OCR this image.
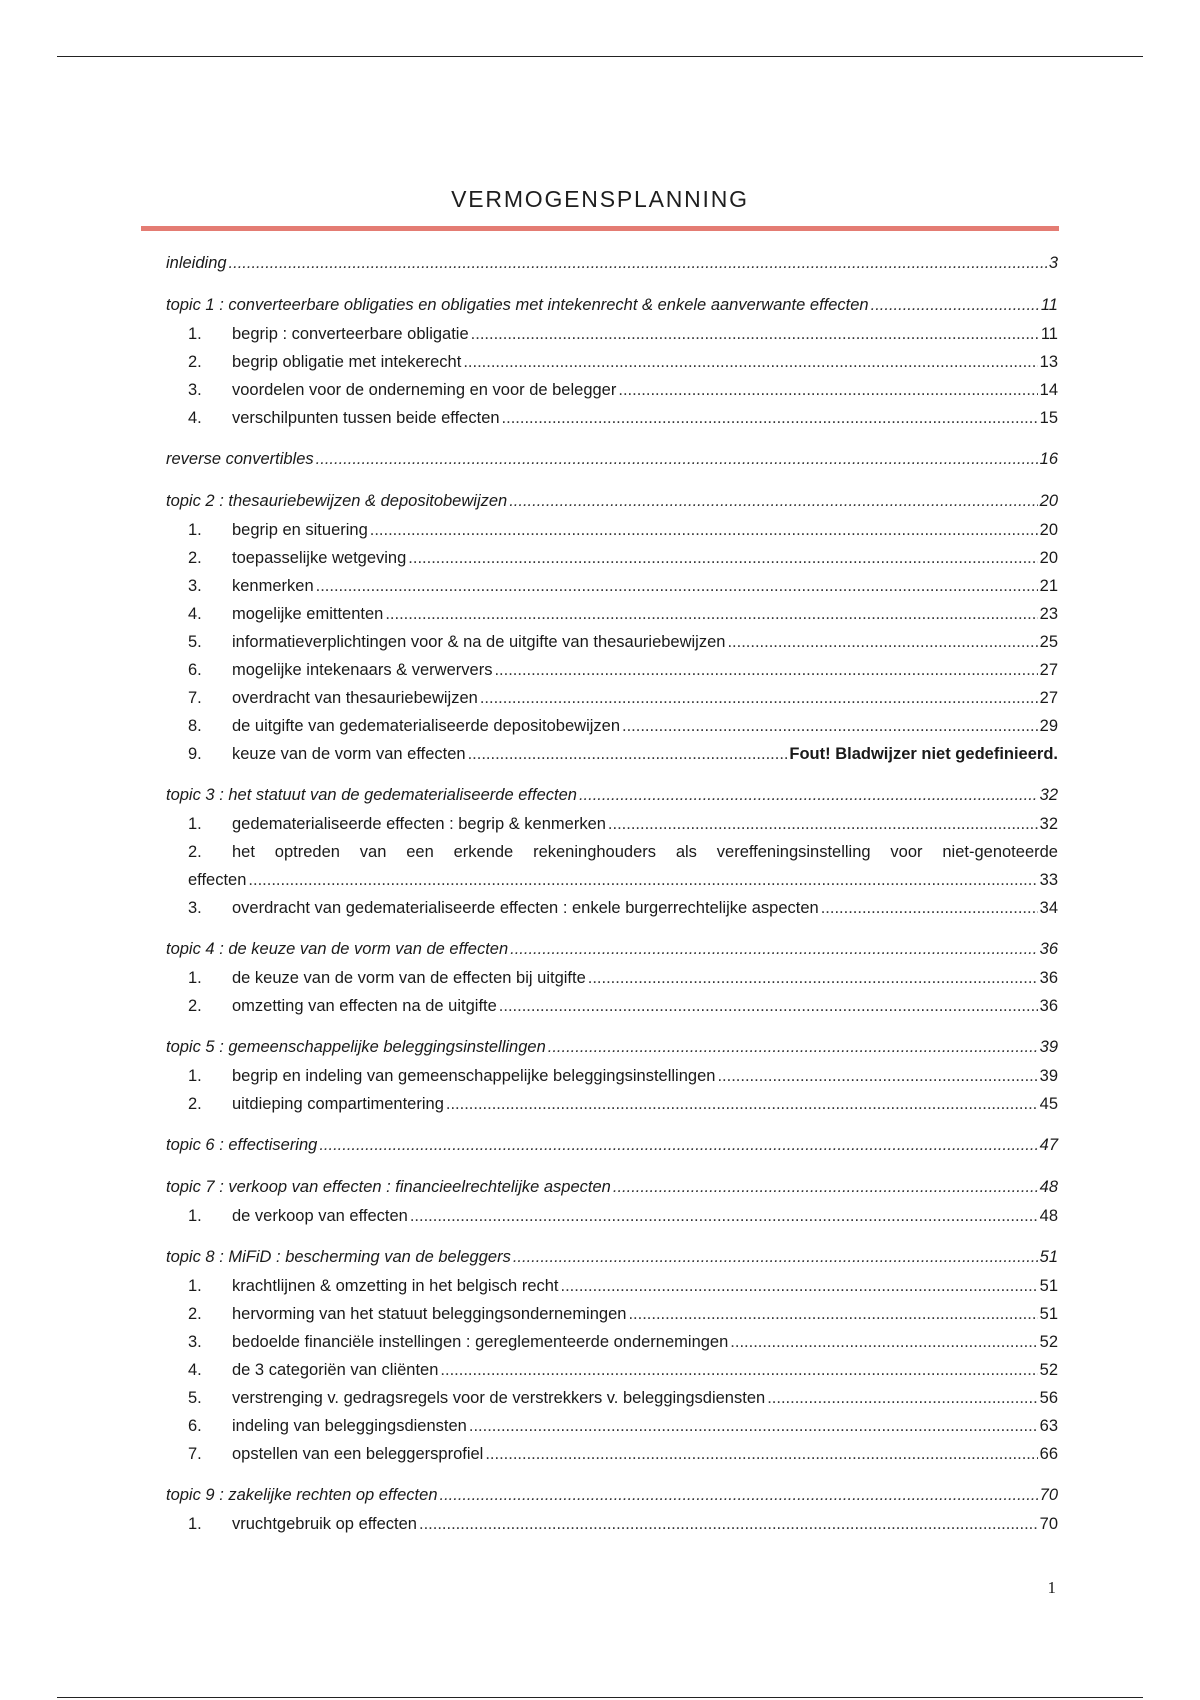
VERMOGENSPLANNING
inleiding .....	3
topic 1 : converteerbare obligaties en obligaties met intekenrecht & enkele aanverwante effecten .....	11
1.	begrip : converteerbare obligatie .....	11
2.	begrip obligatie met intekerecht .....	13
3.	voordelen voor de onderneming en voor de belegger .....	14
4.	verschilpunten tussen beide effecten .....	15
reverse convertibles .....	16
topic 2 : thesauriebewijzen & depositobewijzen .....	20
1.	begrip en situering .....	20
2.	toepasselijke wetgeving .....	20
3.	kenmerken .....	21
4.	mogelijke emittenten .....	23
5.	informatieverplichtingen voor & na de uitgifte van thesauriebewijzen .....	25
6.	mogelijke intekenaars & verwervers .....	27
7.	overdracht van thesauriebewijzen .....	27
8.	de uitgifte van gedematerialiseerde depositobewijzen .....	29
9.	keuze van de vorm van effecten .....	Fout! Bladwijzer niet gedefinieerd.
topic 3 : het statuut van de gedematerialiseerde effecten .....	32
1.	gedematerialiseerde effecten : begrip & kenmerken .....	32
2.	het optreden van een erkende rekeninghouders als vereffeningsinstelling voor niet-genoteerde
effecten .....	33
3.	overdracht van gedematerialiseerde effecten : enkele burgerrechtelijke aspecten .....	34
topic 4 : de keuze van de vorm van de effecten .....	36
1.	de keuze van de vorm van de effecten bij uitgifte .....	36
2.	omzetting van effecten na de uitgifte .....	36
topic 5 : gemeenschappelijke beleggingsinstellingen .....	39
1.	begrip en indeling van gemeenschappelijke beleggingsinstellingen .....	39
2.	uitdieping compartimentering .....	45
topic 6 : effectisering .....	47
topic 7 : verkoop van effecten : financieelrechtelijke aspecten .....	48
1.	de verkoop van effecten .....	48
topic 8 : MiFiD : bescherming van de beleggers .....	51
1.	krachtlijnen & omzetting in het belgisch recht .....	51
2.	hervorming van het statuut beleggingsondernemingen .....	51
3.	bedoelde financiële instellingen : gereglementeerde ondernemingen .....	52
4.	de 3 categoriën van cliënten .....	52
5.	verstrenging v. gedragsregels voor de verstrekkers v. beleggingsdiensten .....	56
6.	indeling van beleggingsdiensten .....	63
7.	opstellen van een beleggersprofiel .....	66
topic 9 : zakelijke rechten op effecten .....	70
1.	vruchtgebruik op effecten .....	70
1
